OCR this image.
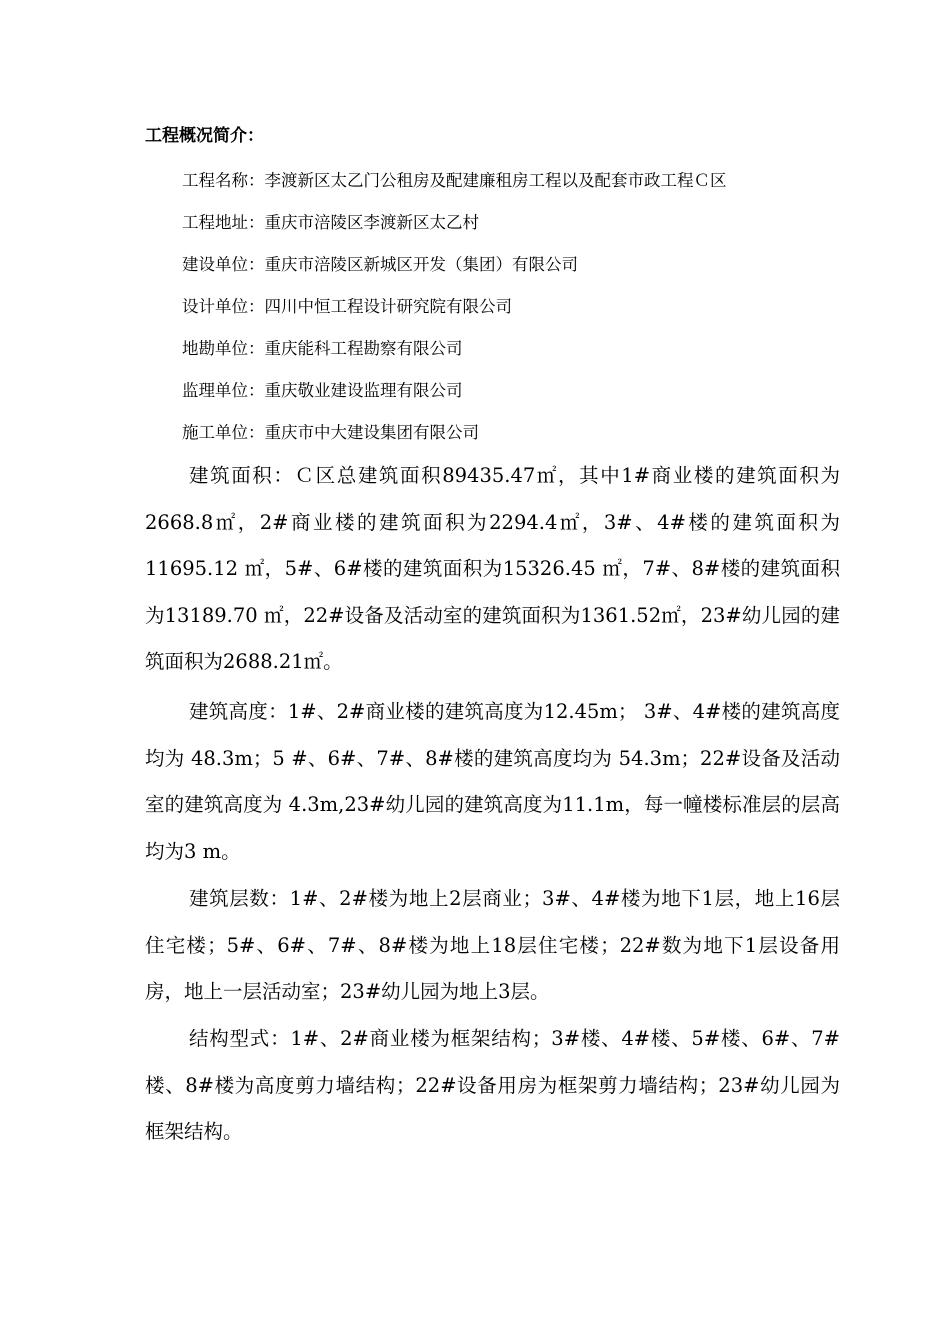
工程概况简介：
工程名称：李渡新区太乙门公租房及配建廉租房工程以及配套市政工程Ｃ区
工程地址：重庆市涪陵区李渡新区太乙村
建设单位：重庆市涪陵区新城区开发（集团）有限公司
设计单位：四川中恒工程设计研究院有限公司
地勘单位：重庆能科工程勘察有限公司
监理单位：重庆敬业建设监理有限公司
施工单位：重庆市中大建设集团有限公司

建筑面积：Ｃ区总建筑面积89435.47㎡，其中1#商业楼的建筑面积为2668.8㎡，2#商业楼的建筑面积为2294.4㎡，3#、4#楼的建筑面积为11695.12 ㎡，5#、6#楼的建筑面积为15326.45 ㎡，7#、8#楼的建筑面积为13189.70 ㎡，22#设备及活动室的建筑面积为1361.52㎡，23#幼儿园的建筑面积为2688.21㎡。

建筑高度：1#、2#商业楼的建筑高度为12.45m； 3#、4#楼的建筑高度均为 48.3m；5 #、6#、7#、8#楼的建筑高度均为 54.3m；22#设备及活动室的建筑高度为 4.3m,23#幼儿园的建筑高度为11.1m，每一幢楼标准层的层高均为3 m。

建筑层数：1#、2#楼为地上2层商业；3#、4#楼为地下1层，地上16层住宅楼；5#、6#、7#、8#楼为地上18层住宅楼；22#数为地下1层设备用房，地上一层活动室；23#幼儿园为地上3层。

结构型式：1#、2#商业楼为框架结构；3#楼、4#楼、5#楼、6#、7#楼、8#楼为高度剪力墙结构；22#设备用房为框架剪力墙结构；23#幼儿园为框架结构。
